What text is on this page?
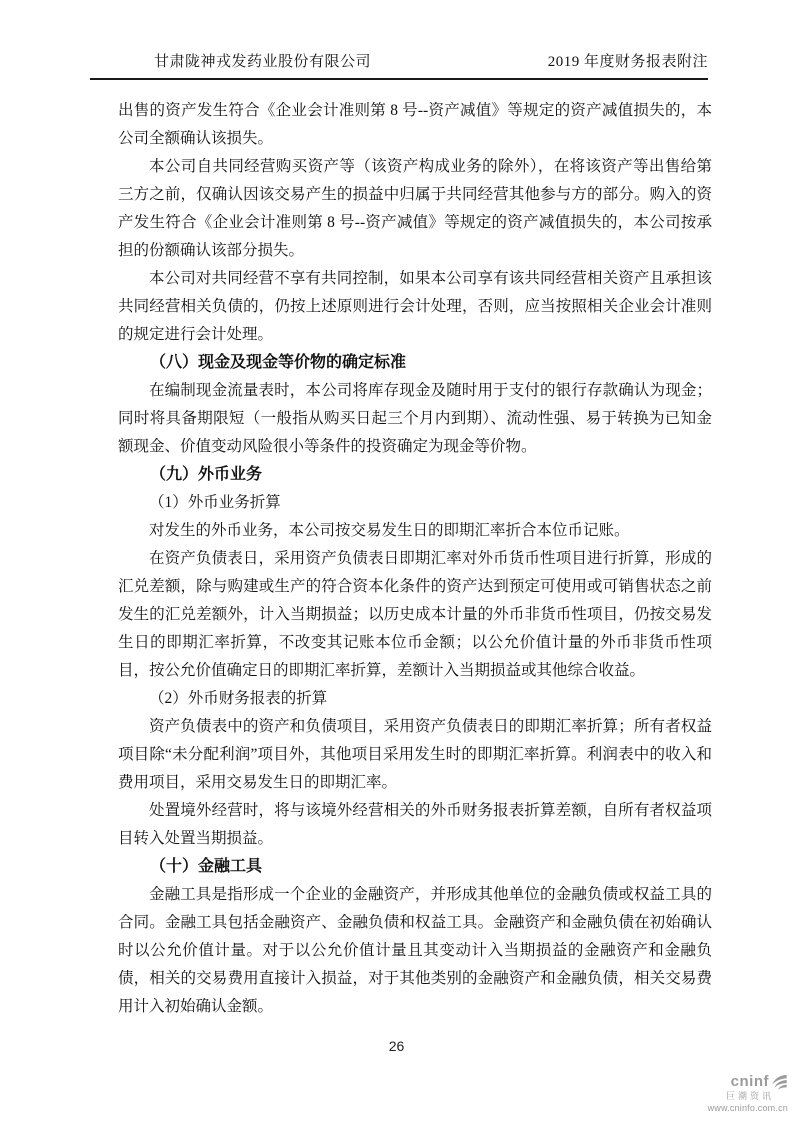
甘肃陇神戎发药业股份有限公司	2019 年度财务报表附注

出售的资产发生符合《企业会计准则第 8 号--资产减值》等规定的资产减值损失的，本公司全额确认该损失。

本公司自共同经营购买资产等（该资产构成业务的除外），在将该资产等出售给第三方之前，仅确认因该交易产生的损益中归属于共同经营其他参与方的部分。购入的资产发生符合《企业会计准则第 8 号--资产减值》等规定的资产减值损失的，本公司按承担的份额确认该部分损失。

本公司对共同经营不享有共同控制，如果本公司享有该共同经营相关资产且承担该共同经营相关负债的，仍按上述原则进行会计处理，否则，应当按照相关企业会计准则的规定进行会计处理。

（八）现金及现金等价物的确定标准

在编制现金流量表时，本公司将库存现金及随时用于支付的银行存款确认为现金；同时将具备期限短（一般指从购买日起三个月内到期）、流动性强、易于转换为已知金额现金、价值变动风险很小等条件的投资确定为现金等价物。

（九）外币业务

（1）外币业务折算

对发生的外币业务，本公司按交易发生日的即期汇率折合本位币记账。

在资产负债表日，采用资产负债表日即期汇率对外币货币性项目进行折算，形成的汇兑差额，除与购建或生产的符合资本化条件的资产达到预定可使用或可销售状态之前发生的汇兑差额外，计入当期损益；以历史成本计量的外币非货币性项目，仍按交易发生日的即期汇率折算，不改变其记账本位币金额；以公允价值计量的外币非货币性项目，按公允价值确定日的即期汇率折算，差额计入当期损益或其他综合收益。

（2）外币财务报表的折算

资产负债表中的资产和负债项目，采用资产负债表日的即期汇率折算；所有者权益项目除“未分配利润”项目外，其他项目采用发生时的即期汇率折算。利润表中的收入和费用项目，采用交易发生日的即期汇率。

处置境外经营时，将与该境外经营相关的外币财务报表折算差额，自所有者权益项目转入处置当期损益。

（十）金融工具

金融工具是指形成一个企业的金融资产，并形成其他单位的金融负债或权益工具的合同。金融工具包括金融资产、金融负债和权益工具。金融资产和金融负债在初始确认时以公允价值计量。对于以公允价值计量且其变动计入当期损益的金融资产和金融负债，相关的交易费用直接计入损益，对于其他类别的金融资产和金融负债，相关交易费用计入初始确认金额。

26
cninf
巨潮资讯
www.cninfo.com.cn
